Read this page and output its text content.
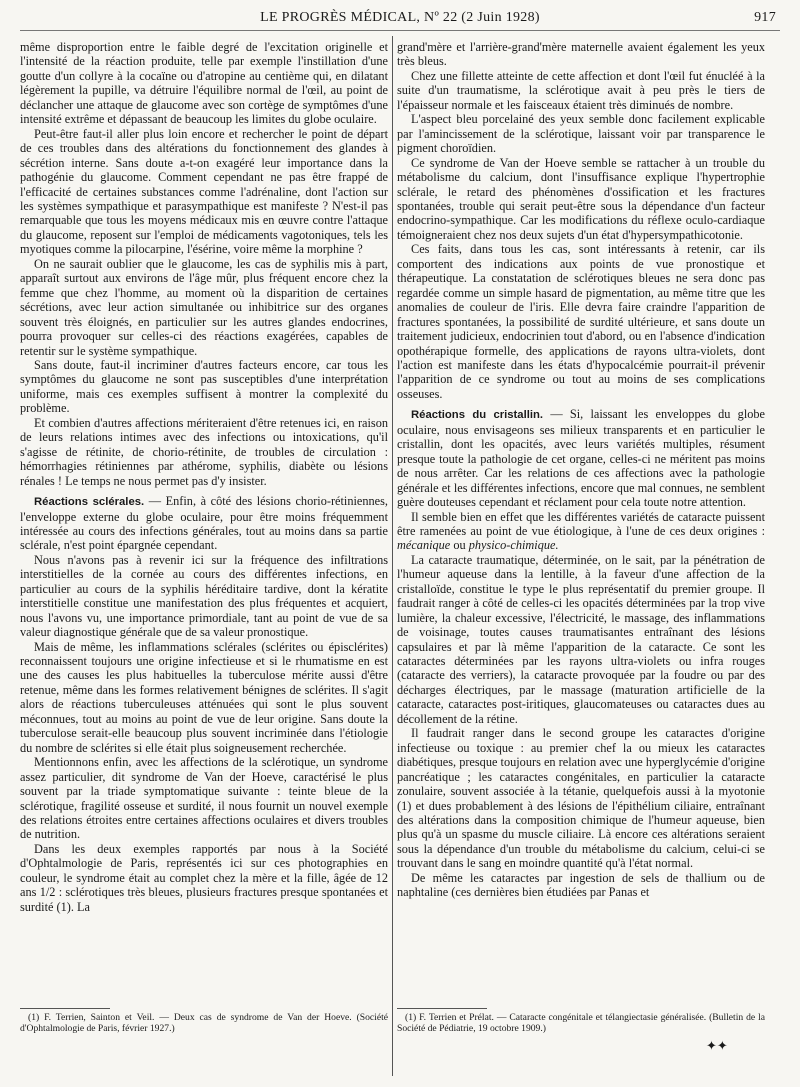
LE PROGRÈS MÉDICAL, Nº 22 (2 Juin 1928)	917

même disproportion entre le faible degré de l'excitation originelle et l'intensité de la réaction produite, telle par exemple l'instillation d'une goutte d'un collyre à la cocaïne ou d'atropine au centième qui, en dilatant légèrement la pupille, va détruire l'équilibre normal de l'œil, au point de déclancher une attaque de glaucome avec son cortège de symptômes d'une intensité extrême et dépassant de beaucoup les limites du globe oculaire.

Peut-être faut-il aller plus loin encore et rechercher le point de départ de ces troubles dans des altérations du fonctionnement des glandes à sécrétion interne. Sans doute a-t-on exagéré leur importance dans la pathogénie du glaucome. Comment cependant ne pas être frappé de l'efficacité de certaines substances comme l'adrénaline, dont l'action sur les systèmes sympathique et parasympathique est manifeste ? N'est-il pas remarquable que tous les moyens médicaux mis en œuvre contre l'attaque du glaucome, reposent sur l'emploi de médicaments vagotoniques, tels les myotiques comme la pilocarpine, l'ésérine, voire même la morphine ?

On ne saurait oublier que le glaucome, les cas de syphilis mis à part, apparaît surtout aux environs de l'âge mûr, plus fréquent encore chez la femme que chez l'homme, au moment où la disparition de certaines sécrétions, avec leur action simultanée ou inhibitrice sur des organes souvent très éloignés, en particulier sur les autres glandes endocrines, pourra provoquer sur celles-ci des réactions exagérées, capables de retentir sur le système sympathique.

Sans doute, faut-il incriminer d'autres facteurs encore, car tous les symptômes du glaucome ne sont pas susceptibles d'une interprétation uniforme, mais ces exemples suffisent à montrer la complexité du problème.

Et combien d'autres affections mériteraient d'être retenues ici, en raison de leurs relations intimes avec des infections ou intoxications, qu'il s'agisse de rétinite, de chorio-rétinite, de troubles de circulation : hémorrhagies rétiniennes par athérome, syphilis, diabète ou lésions rénales ! Le temps ne nous permet pas d'y insister.

Réactions sclérales. — Enfin, à côté des lésions chorio-rétiniennes, l'enveloppe externe du globe oculaire, pour être moins fréquemment intéressée au cours des infections générales, tout au moins dans sa partie sclérale, n'est point épargnée cependant.

Nous n'avons pas à revenir ici sur la fréquence des infiltrations interstitielles de la cornée au cours des différentes infections, en particulier au cours de la syphilis héréditaire tardive, dont la kératite interstitielle constitue une manifestation des plus fréquentes et acquiert, nous l'avons vu, une importance primordiale, tant au point de vue de sa valeur diagnostique générale que de sa valeur pronostique.

Mais de même, les inflammations sclérales (sclérites ou épisclérites) reconnaissent toujours une origine infectieuse et si le rhumatisme en est une des causes les plus habituelles la tuberculose mérite aussi d'être retenue, même dans les formes relativement bénignes de sclérites. Il s'agit alors de réactions tuberculeuses atténuées qui sont le plus souvent méconnues, tout au moins au point de vue de leur origine. Sans doute la tuberculose serait-elle beaucoup plus souvent incriminée dans l'étiologie du nombre de sclérites si elle était plus soigneusement recherchée.

Mentionnons enfin, avec les affections de la sclérotique, un syndrome assez particulier, dit syndrome de Van der Hoeve, caractérisé le plus souvent par la triade symptomatique suivante : teinte bleue de la sclérotique, fragilité osseuse et surdité, il nous fournit un nouvel exemple des relations étroites entre certaines affections oculaires et divers troubles de nutrition.

Dans les deux exemples rapportés par nous à la Société d'Ophtalmologie de Paris, représentés ici sur ces photographies en couleur, le syndrome était au complet chez la mère et la fille, âgée de 12 ans 1/2 : sclérotiques très bleues, plusieurs fractures presque spontanées et surdité (1). La

grand'mère et l'arrière-grand'mère maternelle avaient également les yeux très bleus.

Chez une fillette atteinte de cette affection et dont l'œil fut énucléé à la suite d'un traumatisme, la sclérotique avait à peu près le tiers de l'épaisseur normale et les faisceaux étaient très diminués de nombre.

L'aspect bleu porcelainé des yeux semble donc facilement explicable par l'amincissement de la sclérotique, laissant voir par transparence le pigment choroïdien.

Ce syndrome de Van der Hoeve semble se rattacher à un trouble du métabolisme du calcium, dont l'insuffisance explique l'hypertrophie sclérale, le retard des phénomènes d'ossification et les fractures spontanées, trouble qui serait peut-être sous la dépendance d'un facteur endocrino-sympathique. Car les modifications du réflexe oculo-cardiaque témoigneraient chez nos deux sujets d'un état d'hypersympathicotonie.

Ces faits, dans tous les cas, sont intéressants à retenir, car ils comportent des indications aux points de vue pronostique et thérapeutique. La constatation de sclérotiques bleues ne sera donc pas regardée comme un simple hasard de pigmentation, au même titre que les anomalies de couleur de l'iris. Elle devra faire craindre l'apparition de fractures spontanées, la possibilité de surdité ultérieure, et sans doute un traitement judicieux, endocrinien tout d'abord, ou en l'absence d'indication opothérapique formelle, des applications de rayons ultra-violets, dont l'action est manifeste dans les états d'hypocalcémie pourrait-il prévenir l'apparition de ce syndrome ou tout au moins de ses complications osseuses.

Réactions du cristallin. — Si, laissant les enveloppes du globe oculaire, nous envisageons ses milieux transparents et en particulier le cristallin, dont les opacités, avec leurs variétés multiples, résument presque toute la pathologie de cet organe, celles-ci ne méritent pas moins de nous arrêter. Car les relations de ces affections avec la pathologie générale et les différentes infections, encore que mal connues, ne semblent guère douteuses cependant et réclament pour cela toute notre attention.

Il semble bien en effet que les différentes variétés de cataracte puissent être ramenées au point de vue étiologique, à l'une de ces deux origines : mécanique ou physico-chimique.

La cataracte traumatique, déterminée, on le sait, par la pénétration de l'humeur aqueuse dans la lentille, à la faveur d'une affection de la cristalloïde, constitue le type le plus représentatif du premier groupe. Il faudrait ranger à côté de celles-ci les opacités déterminées par la trop vive lumière, la chaleur excessive, l'électricité, le massage, des inflammations de voisinage, toutes causes traumatisantes entraînant des lésions capsulaires et par là même l'apparition de la cataracte. Ce sont les cataractes déterminées par les rayons ultra-violets ou infra rouges (cataracte des verriers), la cataracte provoquée par la foudre ou par des décharges électriques, par le massage (maturation artificielle de la cataracte, cataractes post-iritiques, glaucomateuses ou cataractes dues au décollement de la rétine.

Il faudrait ranger dans le second groupe les cataractes d'origine infectieuse ou toxique : au premier chef la ou mieux les cataractes diabétiques, presque toujours en relation avec une hyperglycémie d'origine pancréatique ; les cataractes congénitales, en particulier la cataracte zonulaire, souvent associée à la tétanie, quelquefois aussi à la myotonie (1) et dues probablement à des lésions de l'épithélium ciliaire, entraînant des altérations dans la composition chimique de l'humeur aqueuse, bien plus qu'à un spasme du muscle ciliaire. Là encore ces altérations seraient sous la dépendance d'un trouble du métabolisme du calcium, celui-ci se trouvant dans le sang en moindre quantité qu'à l'état normal.

De même les cataractes par ingestion de sels de thallium ou de naphtaline (ces dernières bien étudiées par Panas et

(1) F. Terrien, Sainton et Veil. — Deux cas de syndrome de Van der Hoeve. (Société d'Ophtalmologie de Paris, février 1927.)

(1) F. Terrien et Prélat. — Cataracte congénitale et télangiectasie généralisée. (Bulletin de la Société de Pédiatrie, 19 octobre 1909.)

✦✦
